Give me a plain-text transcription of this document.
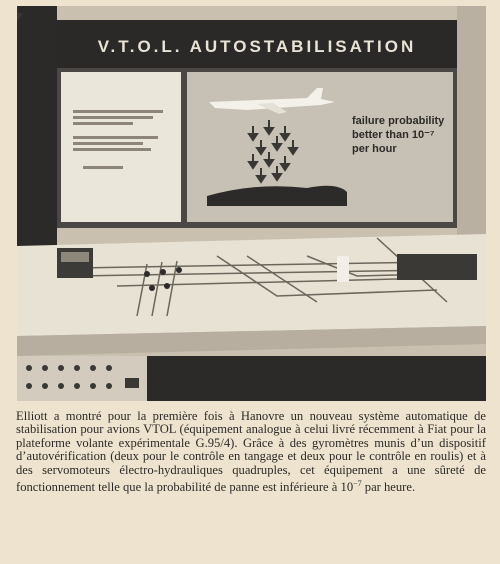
V.T.O.L. AUTOSTABILISATION
failure probability
better than 10⁻⁷
per hour

Elliott a montré pour la première fois à Hanovre un nouveau système automatique de stabilisation pour avions VTOL (équipement analogue à celui livré récemment à Fiat pour la plateforme volante expérimentale G.95/4). Grâce à des gyromètres munis d’un dispositif d’autovérification (deux pour le contrôle en tangage et deux pour le contrôle en roulis) et à des servomoteurs électro-hydrauliques quadruples, cet équipement a une sûreté de fonctionnement telle que la probabilité de panne est inférieure à $10^{-7}$ par heure.
